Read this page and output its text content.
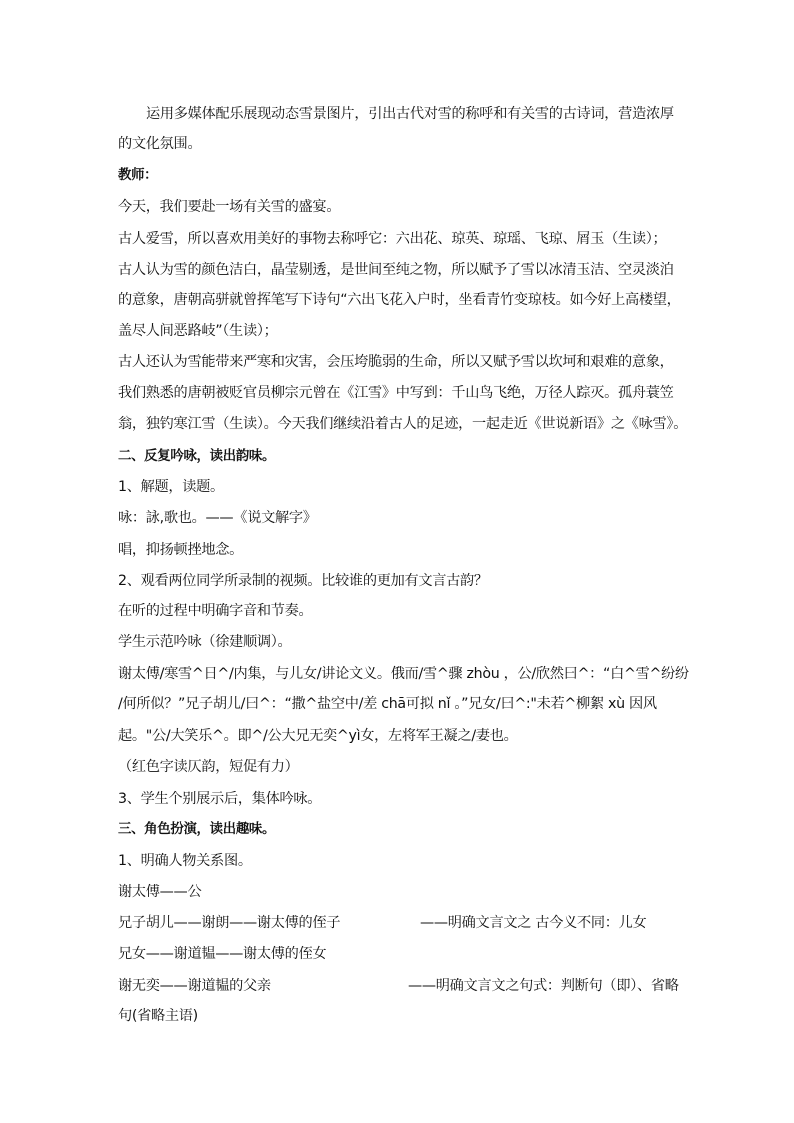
运用多媒体配乐展现动态雪景图片，引出古代对雪的称呼和有关雪的古诗词，营造浓厚
的文化氛围。
教师：
今天，我们要赴一场有关雪的盛宴。
古人爱雪，所以喜欢用美好的事物去称呼它：六出花、琼英、琼瑶、飞琼、屑玉（生读）；
古人认为雪的颜色洁白，晶莹剔透，是世间至纯之物，所以赋予了雪以冰清玉洁、空灵淡泊
的意象，唐朝高骈就曾挥笔写下诗句“六出飞花入户时，坐看青竹变琼枝。如今好上高楼望，
盖尽人间恶路岐”（生读）；
古人还认为雪能带来严寒和灾害，会压垮脆弱的生命，所以又赋予雪以坎坷和艰难的意象，
我们熟悉的唐朝被贬官员柳宗元曾在《江雪》中写到：千山鸟飞绝，万径人踪灭。孤舟蓑笠
翁，独钓寒江雪（生读）。今天我们继续沿着古人的足迹，一起走近《世说新语》之《咏雪》。
二、反复吟咏，读出韵味。
1、解题，读题。
咏：詠,歌也。——《说文解字》
唱，抑扬顿挫地念。
2、观看两位同学所录制的视频。比较谁的更加有文言古韵？
在听的过程中明确字音和节奏。
学生示范吟咏（徐建顺调）。
谢太傅/寒雪^日^/内集，与儿女/讲论文义。俄而/雪^骤 zhòu ，公/欣然曰^：“白^雪^纷纷
/何所似？”兄子胡儿/曰^：“撒^盐空中/差 chā可拟 nǐ 。”兄女/曰^:"未若^柳絮 xù 因风
起。"公/大笑乐^。即^/公大兄无奕^yì女，左将军王凝之/妻也。
（红色字读仄韵，短促有力）
3、学生个别展示后，集体吟咏。
三、角色扮演，读出趣味。
1、明确人物关系图。
谢太傅——公
兄子胡儿——谢朗——谢太傅的侄子	——明确文言文之 古今义不同：儿女
兄女——谢道韫——谢太傅的侄女
谢无奕——谢道韫的父亲	——明确文言文之句式：判断句（即）、省略
句(省略主语)
